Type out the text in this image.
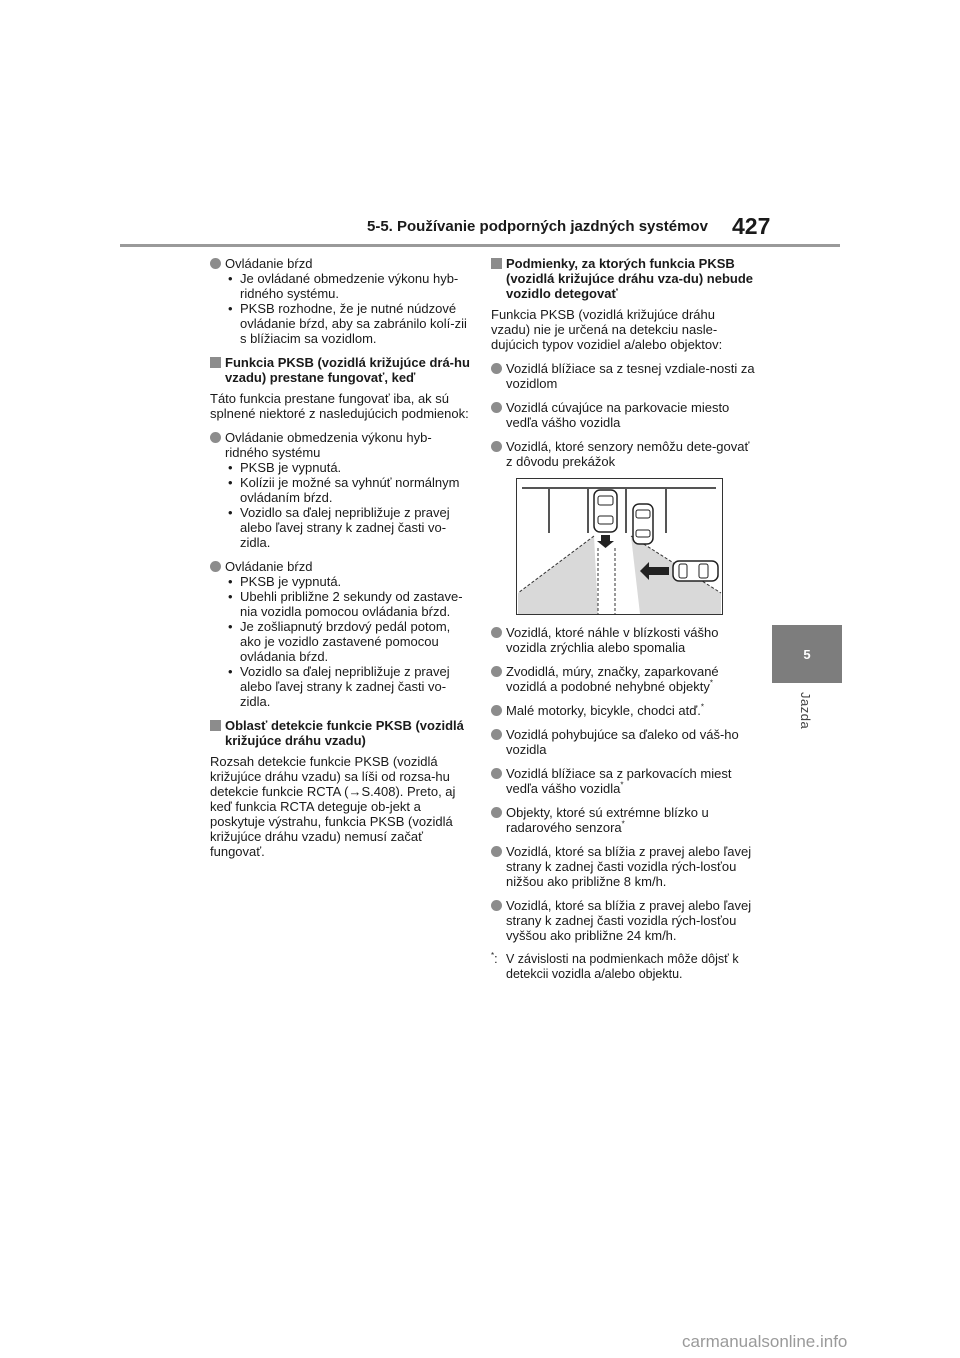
5-5. Používanie podporných jazdných systémov 427
5
Jazda
Ovládanie bŕzd
• Je ovládané obmedzenie výkonu hyb-ridného systému.
• PKSB rozhodne, že je nutné núdzové ovládanie bŕzd, aby sa zabránilo kolí-zii s blížiacim sa vozidlom.
Funkcia PKSB (vozidlá križujúce drá-hu vzadu) prestane fungovať, keď
Táto funkcia prestane fungovať iba, ak sú splnené niektoré z nasledujúcich podmienok:
Ovládanie obmedzenia výkonu hyb-ridného systému
• PKSB je vypnutá.
• Kolízii je možné sa vyhnúť normálnym ovládaním bŕzd.
• Vozidlo sa ďalej nepribližuje z pravej alebo ľavej strany k zadnej časti vo-zidla.
Ovládanie bŕzd
• PKSB je vypnutá.
• Ubehli približne 2 sekundy od zastave-nia vozidla pomocou ovládania bŕzd.
• Je zošliapnutý brzdový pedál potom, ako je vozidlo zastavené pomocou ovládania bŕzd.
• Vozidlo sa ďalej nepribližuje z pravej alebo ľavej strany k zadnej časti vo-zidla.
Oblasť detekcie funkcie PKSB (vozidlá križujúce dráhu vzadu)
Rozsah detekcie funkcie PKSB (vozidlá križujúce dráhu vzadu) sa líši od rozsa-hu detekcie funkcie RCTA (→S.408). Preto, aj keď funkcia RCTA deteguje ob-jekt a poskytuje výstrahu, funkcia PKSB (vozidlá križujúce dráhu vzadu) nemusí začať fungovať.
Podmienky, za ktorých funkcia PKSB (vozidlá križujúce dráhu vza-du) nebude vozidlo detegovať
Funkcia PKSB (vozidlá križujúce dráhu vzadu) nie je určená na detekciu nasle-dujúcich typov vozidiel a/alebo objektov:
Vozidlá blížiace sa z tesnej vzdiale-nosti za vozidlom
Vozidlá cúvajúce na parkovacie miesto vedľa vášho vozidla
Vozidlá, ktoré senzory nemôžu dete-govať z dôvodu prekážok
Vozidlá, ktoré náhle v blízkosti vášho vozidla zrýchlia alebo spomalia
Zvodidlá, múry, značky, zaparkované vozidlá a podobné nehybné objekty*
Malé motorky, bicykle, chodci atď.*
Vozidlá pohybujúce sa ďaleko od váš-ho vozidla
Vozidlá blížiace sa z parkovacích miest vedľa vášho vozidla*
Objekty, ktoré sú extrémne blízko u radarového senzora*
Vozidlá, ktoré sa blížia z pravej alebo ľavej strany k zadnej časti vozidla rých-losťou nižšou ako približne 8 km/h.
Vozidlá, ktoré sa blížia z pravej alebo ľavej strany k zadnej časti vozidla rých-losťou vyššou ako približne 24 km/h.
*: V závislosti na podmienkach môže dôjsť k detekcii vozidla a/alebo objektu.
carmanualsonline.info
